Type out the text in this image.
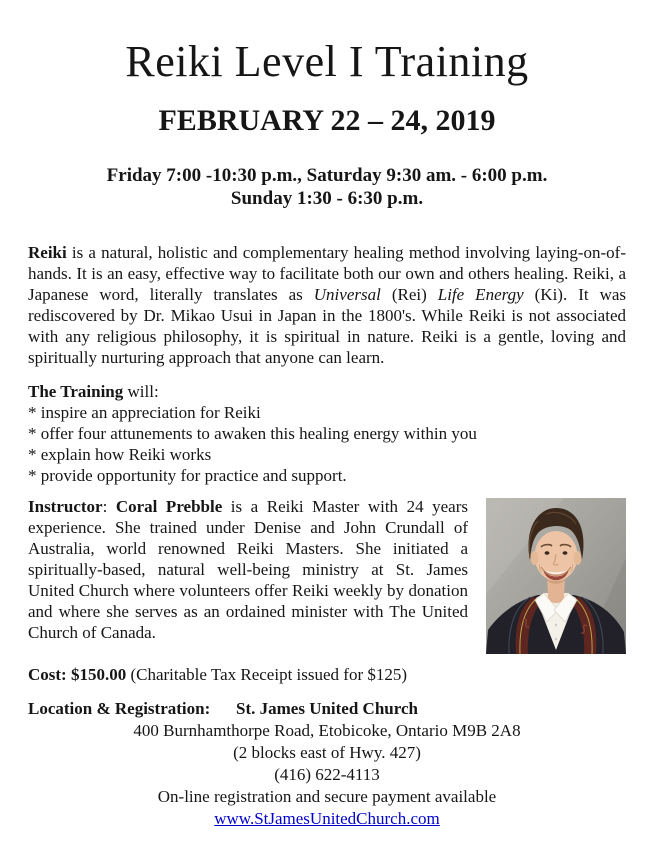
Reiki Level I Training
FEBRUARY 22 – 24, 2019
Friday 7:00 -10:30 p.m., Saturday 9:30 am. - 6:00 p.m.
Sunday 1:30 - 6:30 p.m.

Reiki is a natural, holistic and complementary healing method involving laying-on-of-hands. It is an easy, effective way to facilitate both our own and others healing. Reiki, a Japanese word, literally translates as Universal (Rei) Life Energy (Ki). It was rediscovered by Dr. Mikao Usui in Japan in the 1800's. While Reiki is not associated with any religious philosophy, it is spiritual in nature. Reiki is a gentle, loving and spiritually nurturing approach that anyone can learn.

The Training will:
* inspire an appreciation for Reiki
* offer four attunements to awaken this healing energy within you
* explain how Reiki works
* provide opportunity for practice and support.

Instructor: Coral Prebble is a Reiki Master with 24 years experience. She trained under Denise and John Crundall of Australia, world renowned Reiki Masters. She initiated a spiritually-based, natural well-being ministry at St. James United Church where volunteers offer Reiki weekly by donation and where she serves as an ordained minister with The United Church of Canada.

Cost: $150.00 (Charitable Tax Receipt issued for $125)
Location & Registration:	St. James United Church
400 Burnhamthorpe Road, Etobicoke, Ontario M9B 2A8
(2 blocks east of Hwy. 427)
(416) 622-4113
On-line registration and secure payment available
www.StJamesUnitedChurch.com
